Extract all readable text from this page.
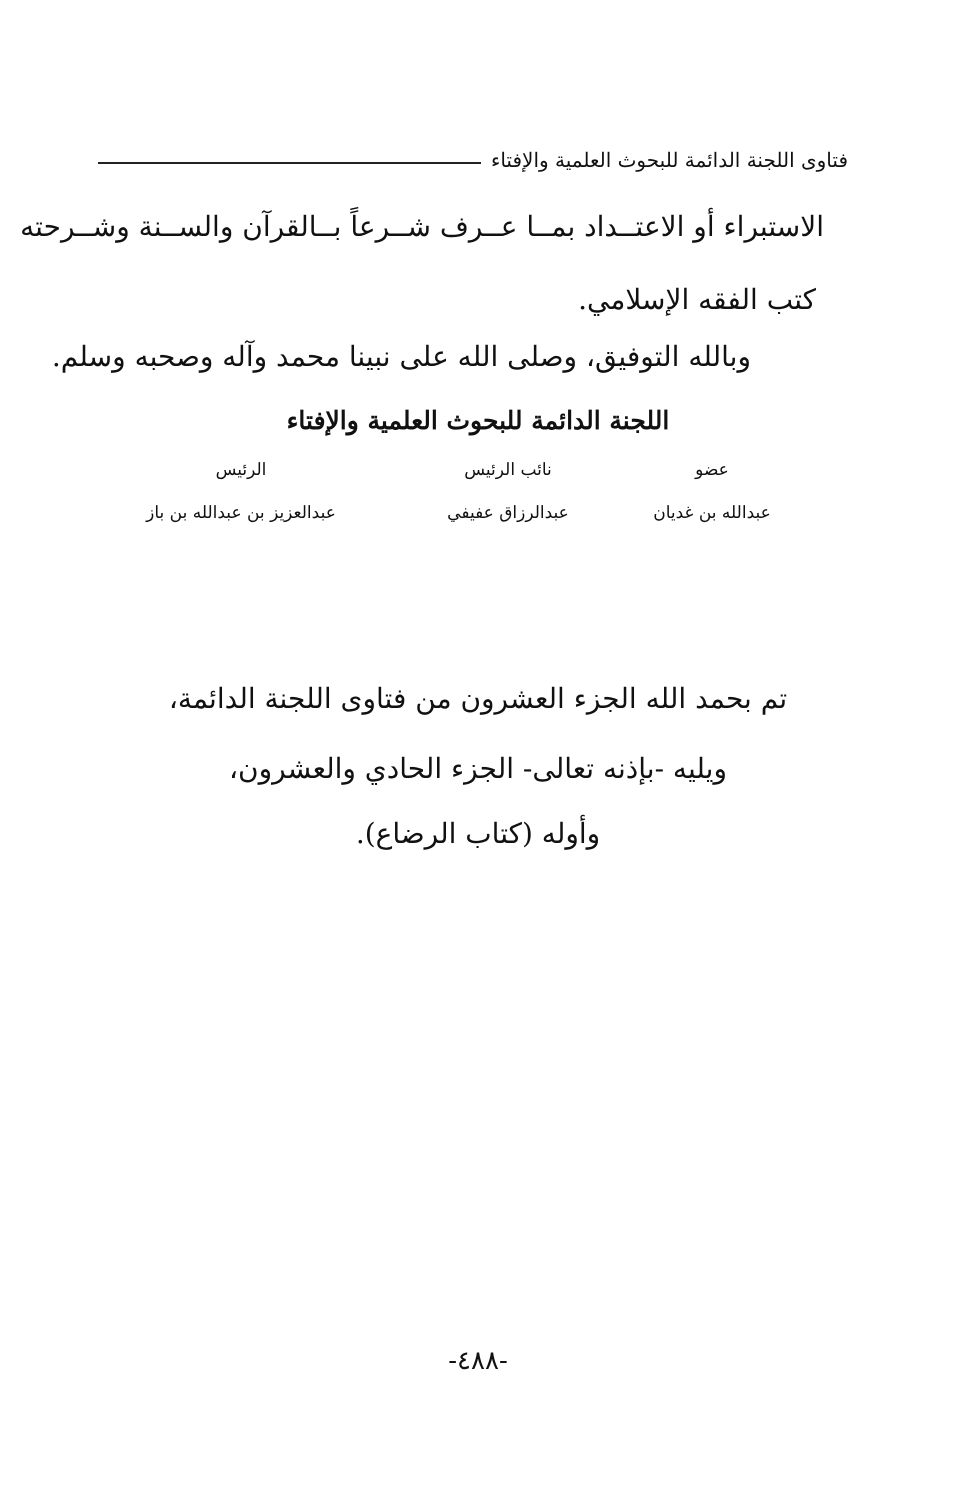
فتاوى اللجنة الدائمة للبحوث العلمية والإفتاء
الاستبراء أو الاعتــداد بمــا عــرف شــرعاً بــالقرآن والســنة وشــرحته
كتب الفقه الإسلامي.
وبالله التوفيق، وصلى الله على نبينا محمد وآله وصحبه وسلم.
اللجنة الدائمة للبحوث العلمية والإفتاء
عضو
نائب الرئيس
الرئيس
عبدالله بن غديان
عبدالرزاق عفيفي
عبدالعزيز بن عبدالله بن باز
تم بحمد الله الجزء العشرون من فتاوى اللجنة الدائمة،
ويليه -بإذنه تعالى- الجزء الحادي والعشرون،
وأوله (كتاب الرضاع).
-٤٨٨-
